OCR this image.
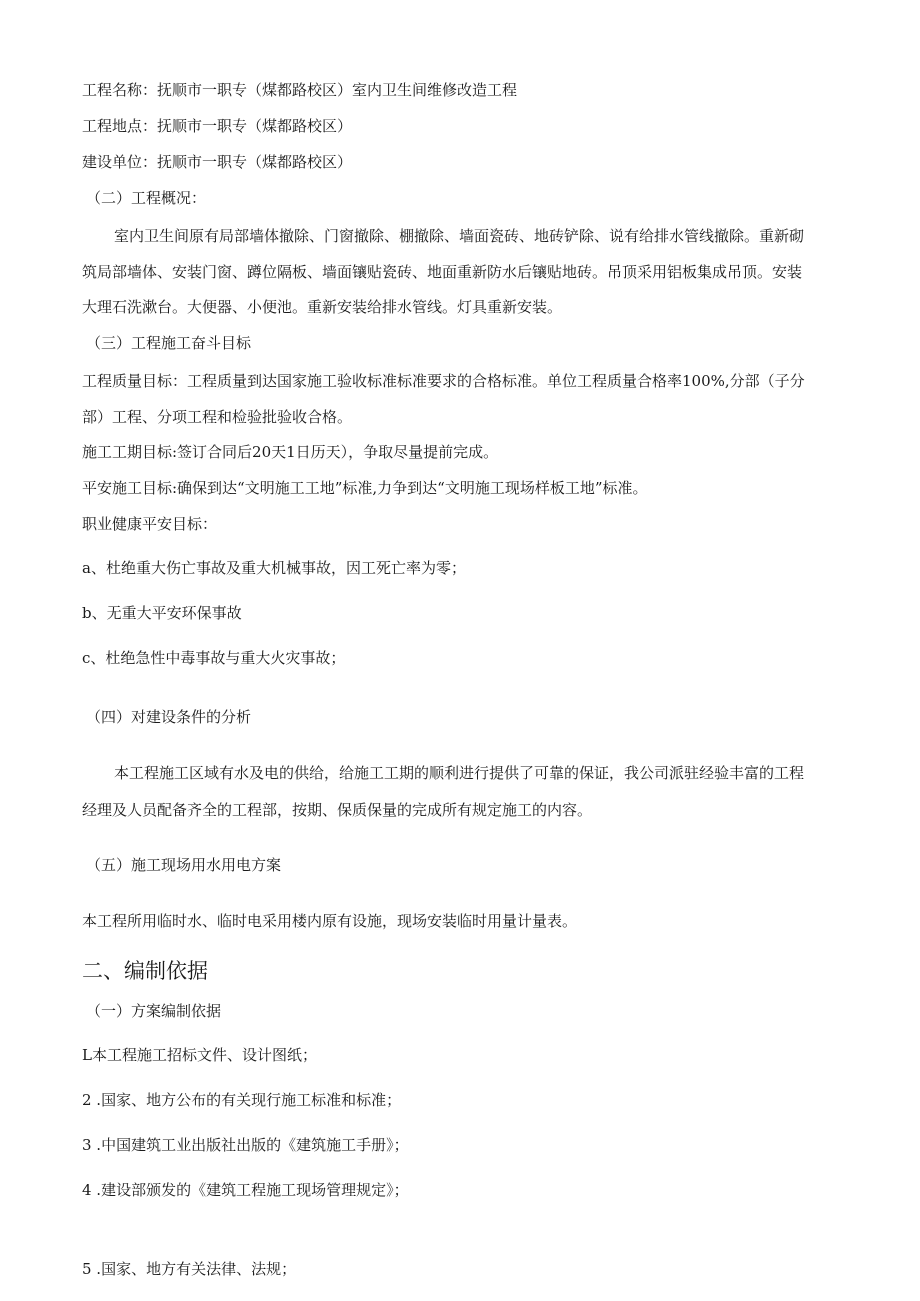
工程名称：抚顺市一职专（煤都路校区）室内卫生间维修改造工程

工程地点：抚顺市一职专（煤都路校区）

建设单位：抚顺市一职专（煤都路校区）

（二）工程概况：

室内卫生间原有局部墙体撤除、门窗撤除、棚撤除、墙面瓷砖、地砖铲除、说有给排水管线撤除。重新砌

筑局部墙体、安装门窗、蹲位隔板、墙面镶贴瓷砖、地面重新防水后镶贴地砖。吊顶采用铝板集成吊顶。安装

大理石洗漱台。大便器、小便池。重新安装给排水管线。灯具重新安装。

（三）工程施工奋斗目标

工程质量目标：工程质量到达国家施工验收标准标准要求的合格标准。单位工程质量合格率100%,分部（子分

部）工程、分项工程和检验批验收合格。

施工工期目标:签订合同后20天1日历天），争取尽量提前完成。

平安施工目标:确保到达“文明施工工地”标准,力争到达“文明施工现场样板工地”标准。

职业健康平安目标：

a、杜绝重大伤亡事故及重大机械事故，因工死亡率为零；

b、无重大平安环保事故

c、杜绝急性中毒事故与重大火灾事故；

（四）对建设条件的分析

本工程施工区域有水及电的供给，给施工工期的顺利进行提供了可靠的保证，我公司派驻经验丰富的工程

经理及人员配备齐全的工程部，按期、保质保量的完成所有规定施工的内容。

（五）施工现场用水用电方案

本工程所用临时水、临时电采用楼内原有设施，现场安装临时用量计量表。

二、编制依据

（一）方案编制依据

L本工程施工招标文件、设计图纸；

2 .国家、地方公布的有关现行施工标准和标准；

3 .中国建筑工业出版社出版的《建筑施工手册》；

4 .建设部颁发的《建筑工程施工现场管理规定》；

5 .国家、地方有关法律、法规；
